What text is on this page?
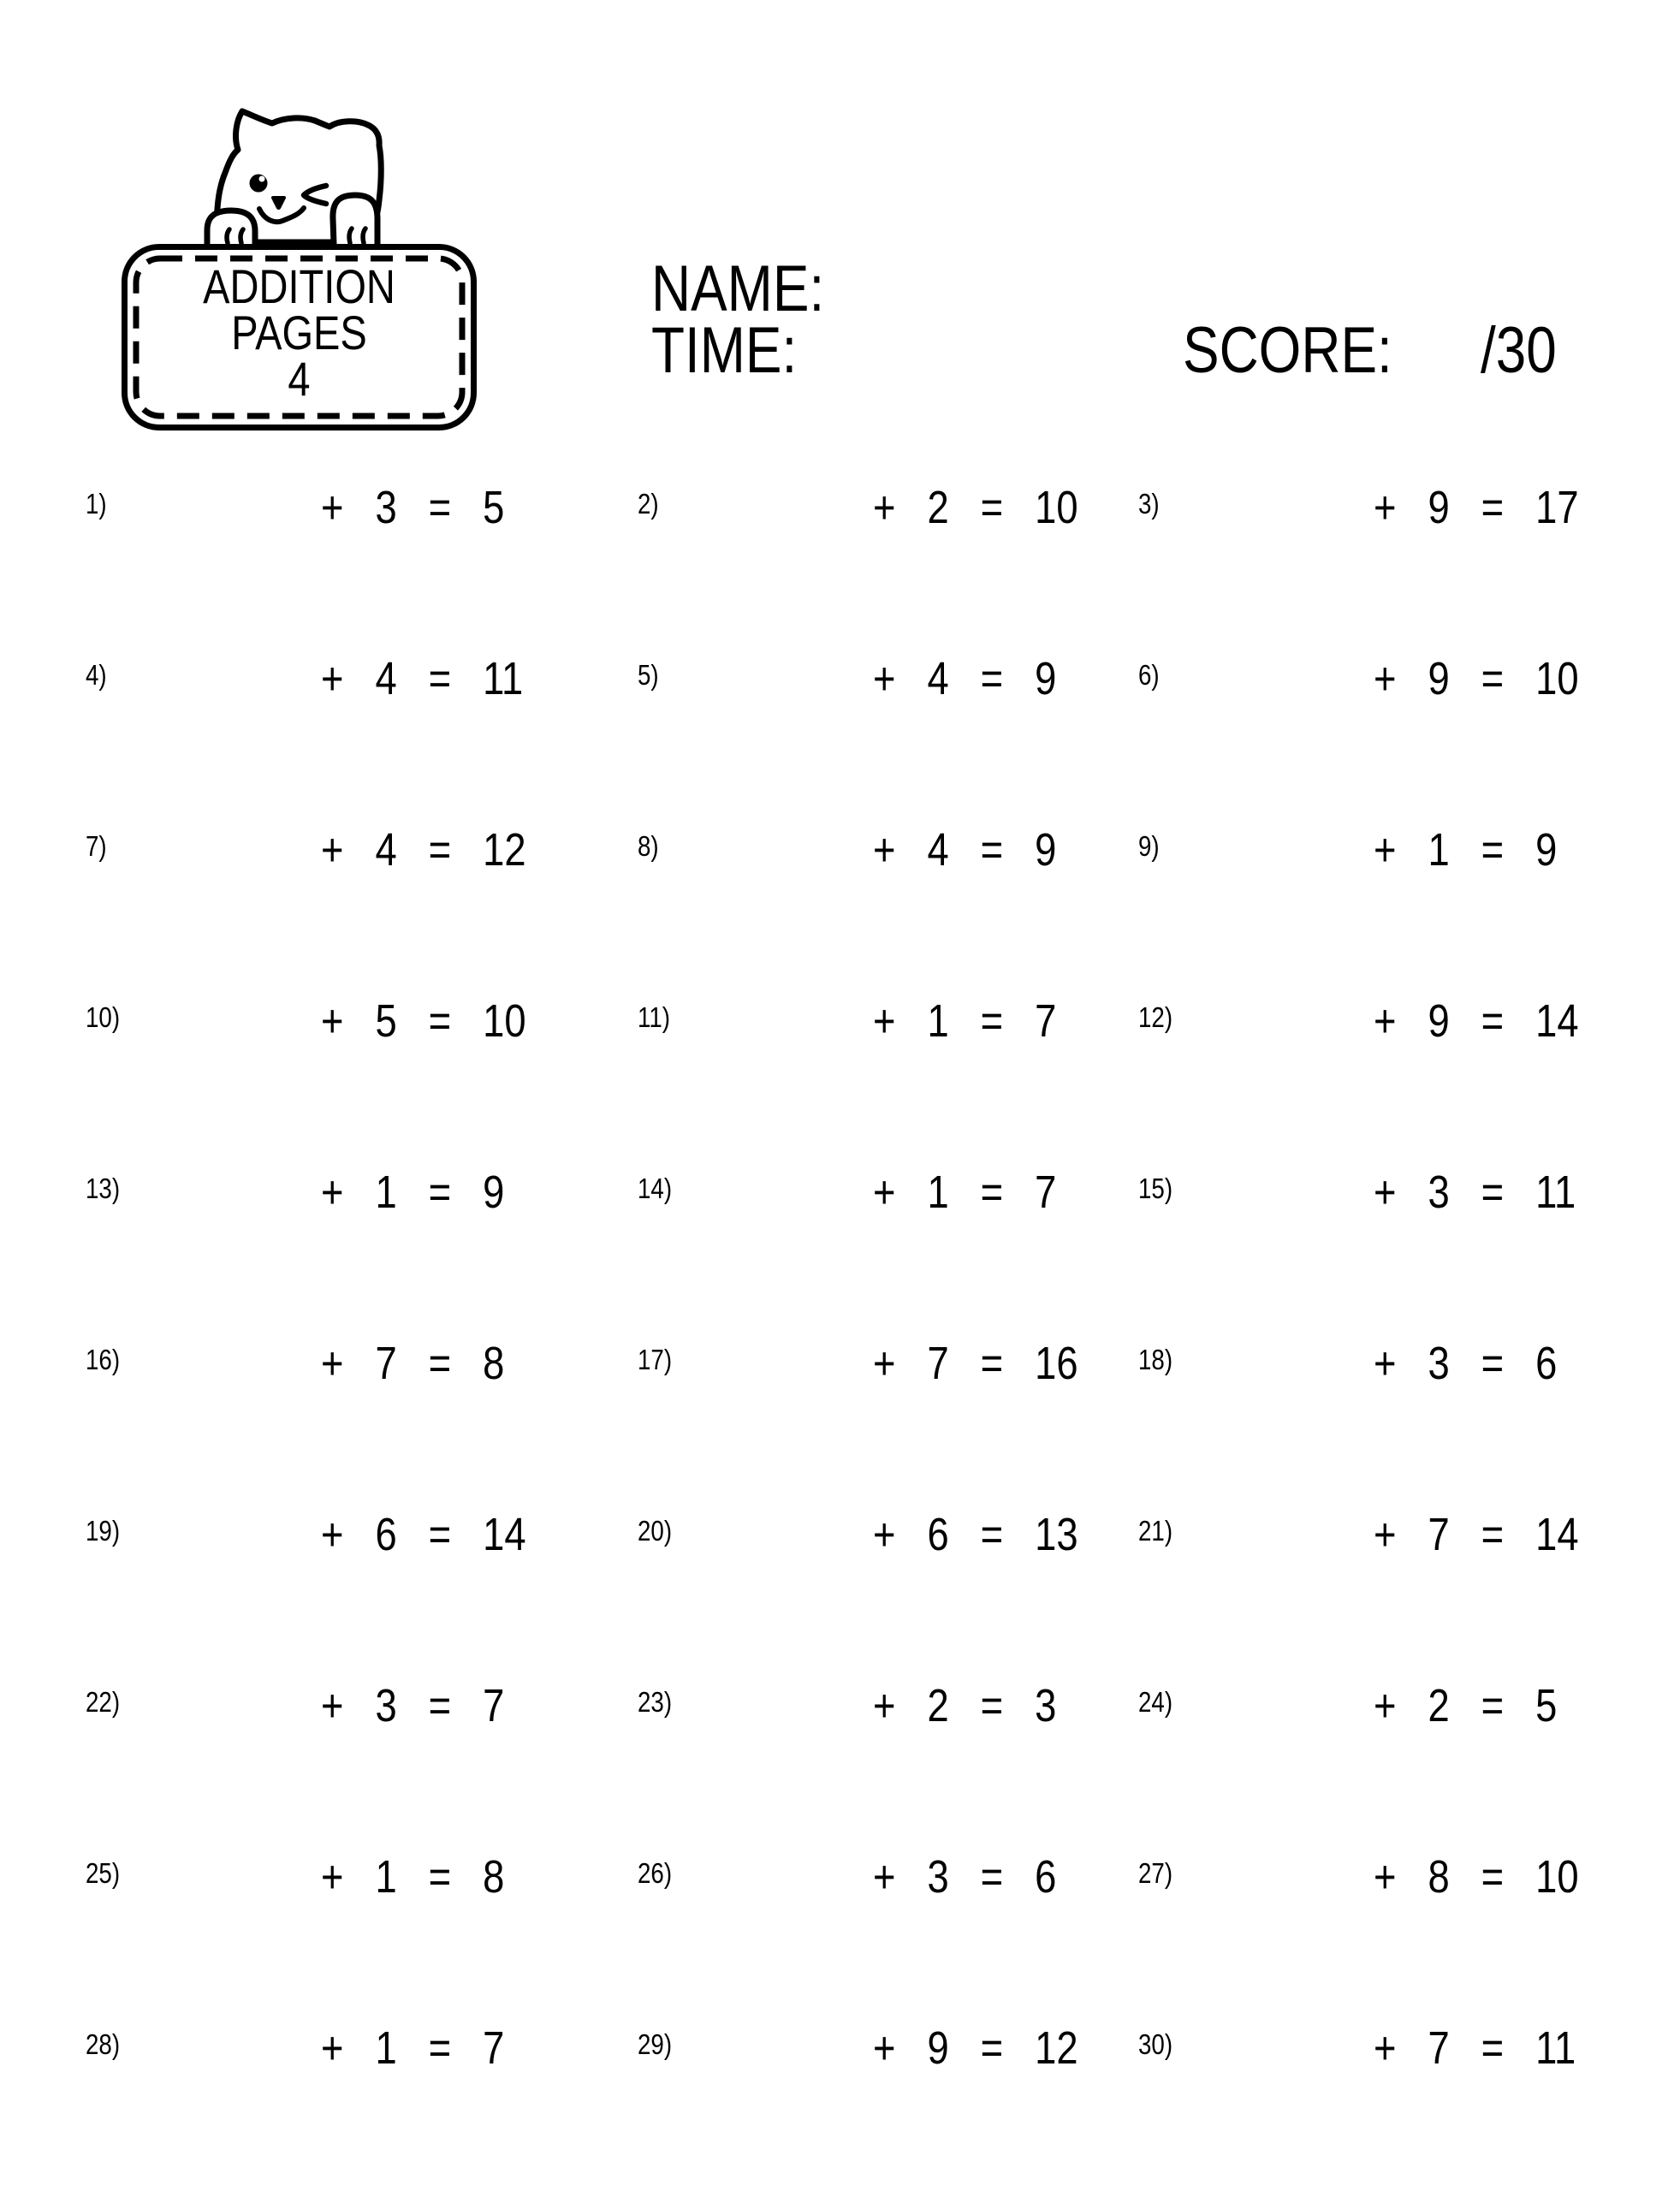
ADDITION
PAGES
4
NAME:
TIME:	SCORE:	/30
1)	+ 3 = 5	2)	+ 2 = 10 3)	+ 9 = 17
4)	+ 4 = 11	5)	+ 4 = 9	6)	+ 9 = 10
7)	+ 4 = 12	8)	+ 4 = 9	9)	+ 1 = 9
10)	+ 5 = 10	11)	+ 1 = 7	12)	+ 9 = 14
13)	+ 1 = 9	14)	+ 1 = 7	15)	+ 3 = 11
16)	+ 7 = 8	17)	+ 7 = 16 18)	+ 3 = 6
19)	+ 6 = 14	20)	+ 6 = 13 21)	+ 7 = 14
22)	+ 3 = 7	23)	+ 2 = 3	24)	+ 2 = 5
25)	+ 1 = 8	26)	+ 3 = 6	27)	+ 8 = 10
28)	+ 1 = 7	29)	+ 9 = 12 30)	+ 7 = 11
